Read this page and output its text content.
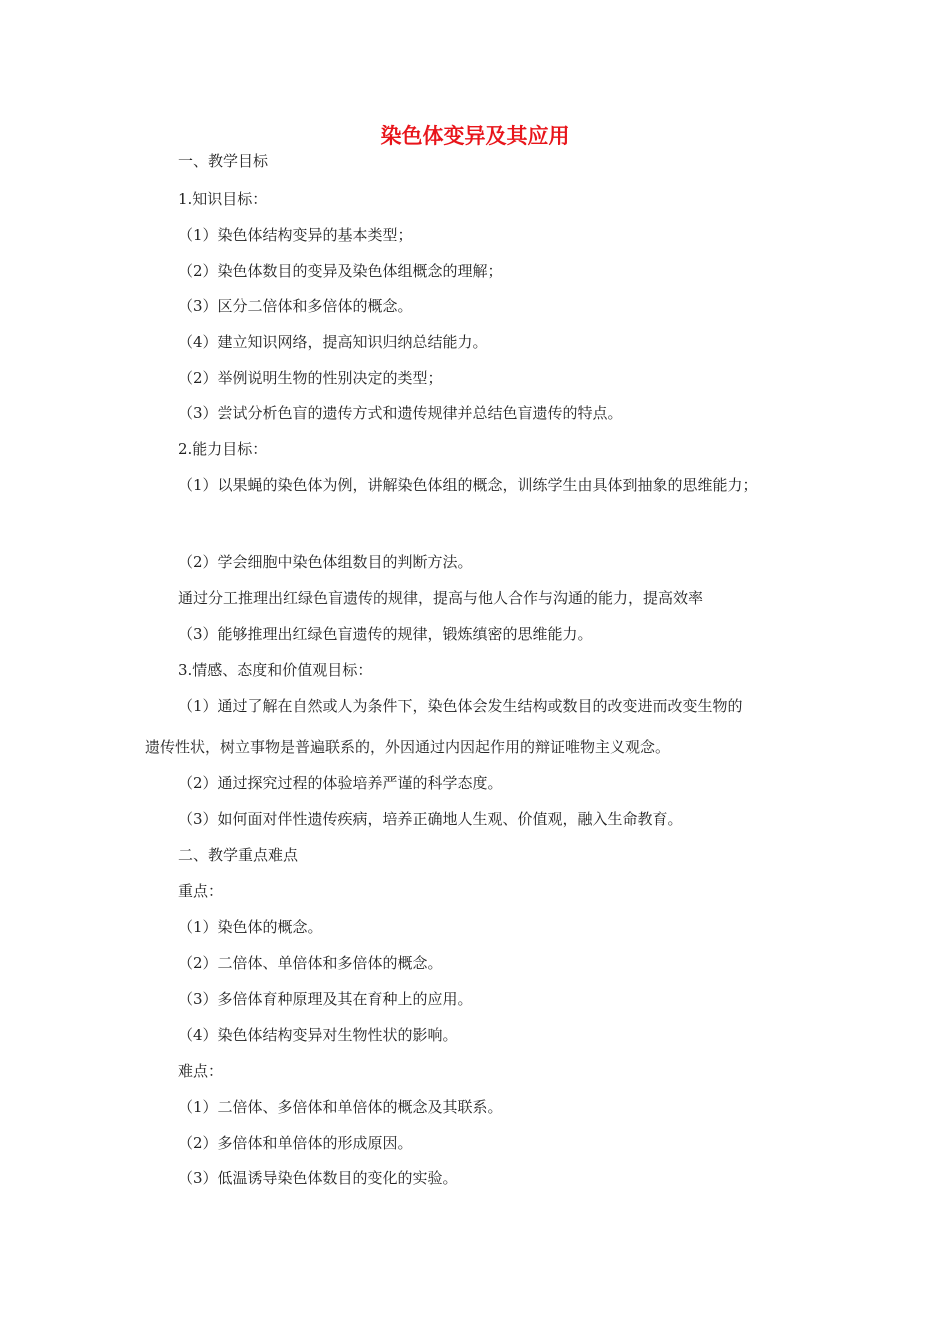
染色体变异及其应用

一、教学目标

1.知识目标：

（1）染色体结构变异的基本类型；

（2）染色体数目的变异及染色体组概念的理解；

（3）区分二倍体和多倍体的概念。

（4）建立知识网络，提高知识归纳总结能力。

（2）举例说明生物的性别决定的类型；

（3）尝试分析色盲的遗传方式和遗传规律并总结色盲遗传的特点。

2.能力目标：

（1）以果蝇的染色体为例，讲解染色体组的概念，训练学生由具体到抽象的思维能力；

（2）学会细胞中染色体组数目的判断方法。

通过分工推理出红绿色盲遗传的规律，提高与他人合作与沟通的能力，提高效率

（3）能够推理出红绿色盲遗传的规律，锻炼缜密的思维能力。

3.情感、态度和价值观目标：

（1）通过了解在自然或人为条件下，染色体会发生结构或数目的改变进而改变生物的

遗传性状，树立事物是普遍联系的，外因通过内因起作用的辩证唯物主义观念。

（2）通过探究过程的体验培养严谨的科学态度。

（3）如何面对伴性遗传疾病，培养正确地人生观、价值观，融入生命教育。

二、教学重点难点

重点：

（1）染色体的概念。

（2）二倍体、单倍体和多倍体的概念。

（3）多倍体育种原理及其在育种上的应用。

（4）染色体结构变异对生物性状的影响。

难点：

（1）二倍体、多倍体和单倍体的概念及其联系。

（2）多倍体和单倍体的形成原因。

（3）低温诱导染色体数目的变化的实验。
